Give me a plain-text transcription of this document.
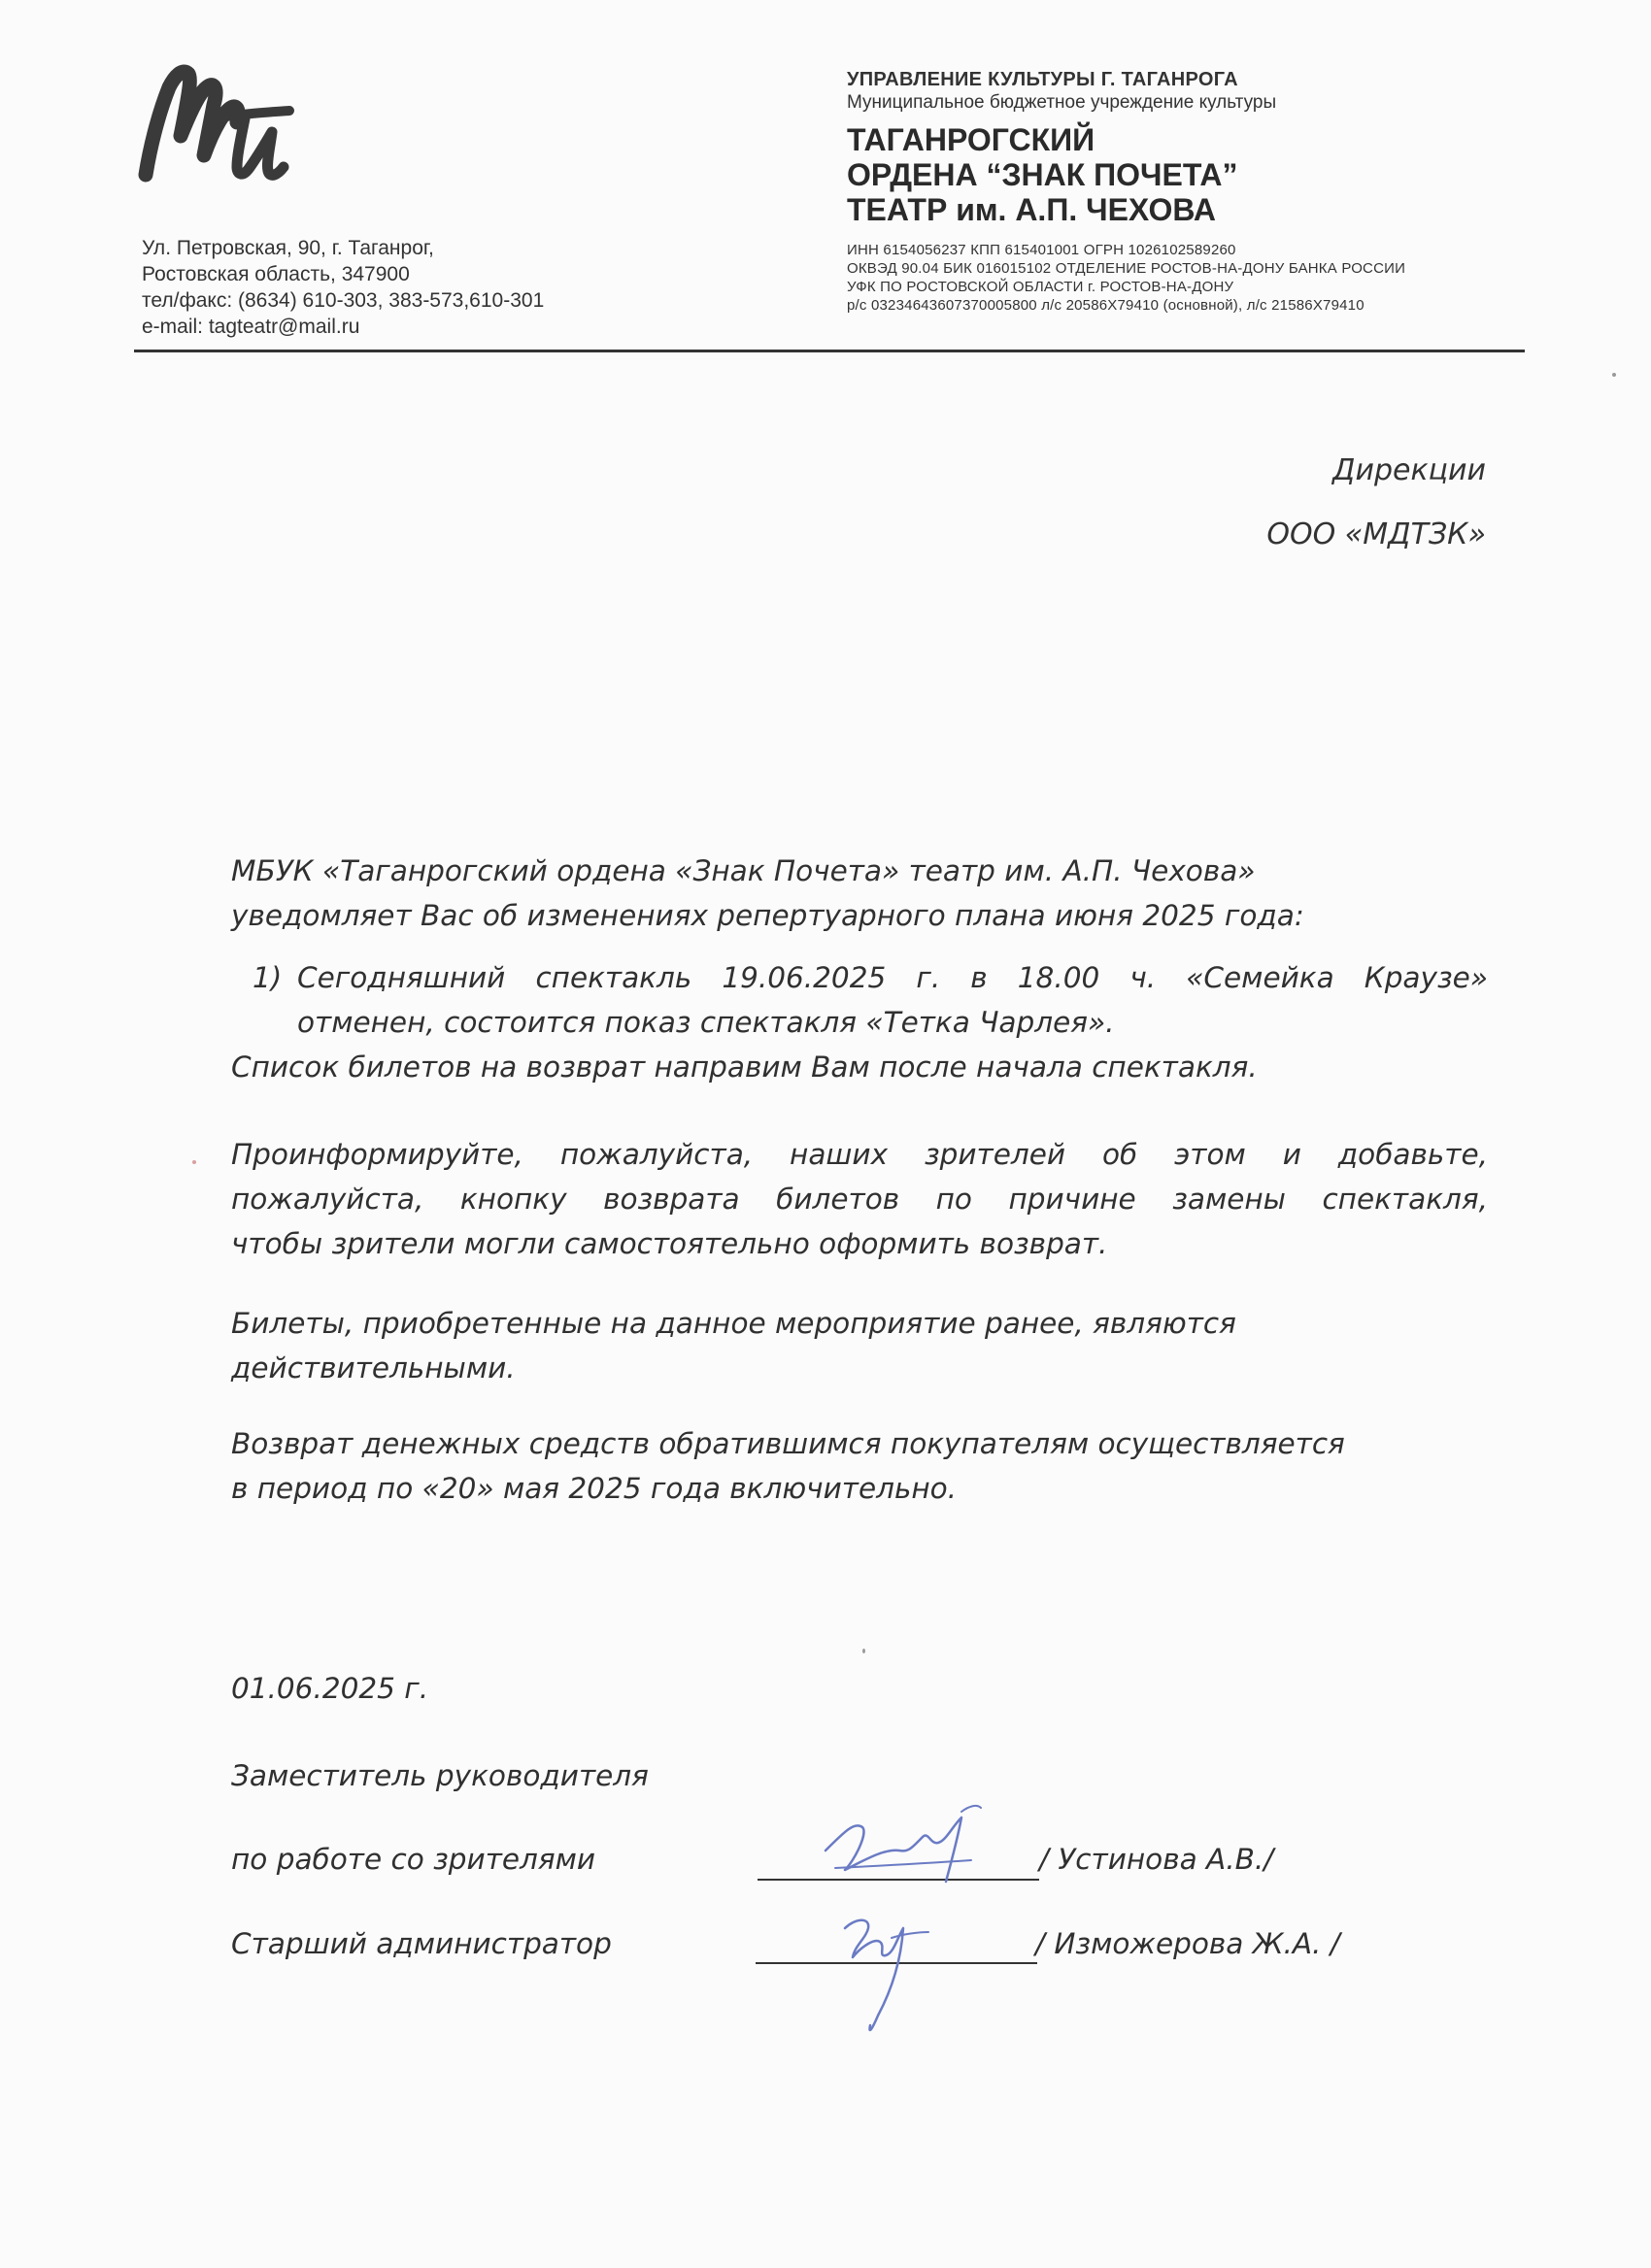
Ул. Петровская, 90, г. Таганрог,
Ростовская область, 347900
тел/факс: (8634) 610-303, 383-573,610-301
e-mail: tagteatr@mail.ru
УПРАВЛЕНИЕ КУЛЬТУРЫ Г. ТАГАНРОГА
Муниципальное бюджетное учреждение культуры
ТАГАНРОГСКИЙ
ОРДЕНА “ЗНАК ПОЧЕТА”
ТЕАТР им. А.П. ЧЕХОВА
ИНН 6154056237 КПП 615401001 ОГРН 1026102589260
ОКВЭД 90.04 БИК 016015102 ОТДЕЛЕНИЕ РОСТОВ-НА-ДОНУ БАНКА РОССИИ
УФК ПО РОСТОВСКОЙ ОБЛАСТИ г. РОСТОВ-НА-ДОНУ
р/с 03234643607370005800 л/с 20586X79410 (основной), л/с 21586X79410
Дирекции
ООО «МДТЗК»
МБУК «Таганрогский ордена «Знак Почета» театр им. А.П. Чехова»
уведомляет Вас об изменениях репертуарного плана июня 2025 года:
1) Сегодняшний спектакль 19.06.2025 г. в 18.00 ч. «Семейка Краузе»
отменен, состоится показ спектакля «Тетка Чарлея».
Список билетов на возврат направим Вам после начала спектакля.
Проинформируйте, пожалуйста, наших зрителей об этом и добавьте,
пожалуйста, кнопку возврата билетов по причине замены спектакля,
чтобы зрители могли самостоятельно оформить возврат.
Билеты, приобретенные на данное мероприятие ранее, являются
действительными.
Возврат денежных средств обратившимся покупателям осуществляется
в период по «20» мая 2025 года включительно.
01.06.2025 г.
Заместитель руководителя
по работе со зрителями	/ Устинова А.В./
Старший администратор	/ Изможерова Ж.А. /
